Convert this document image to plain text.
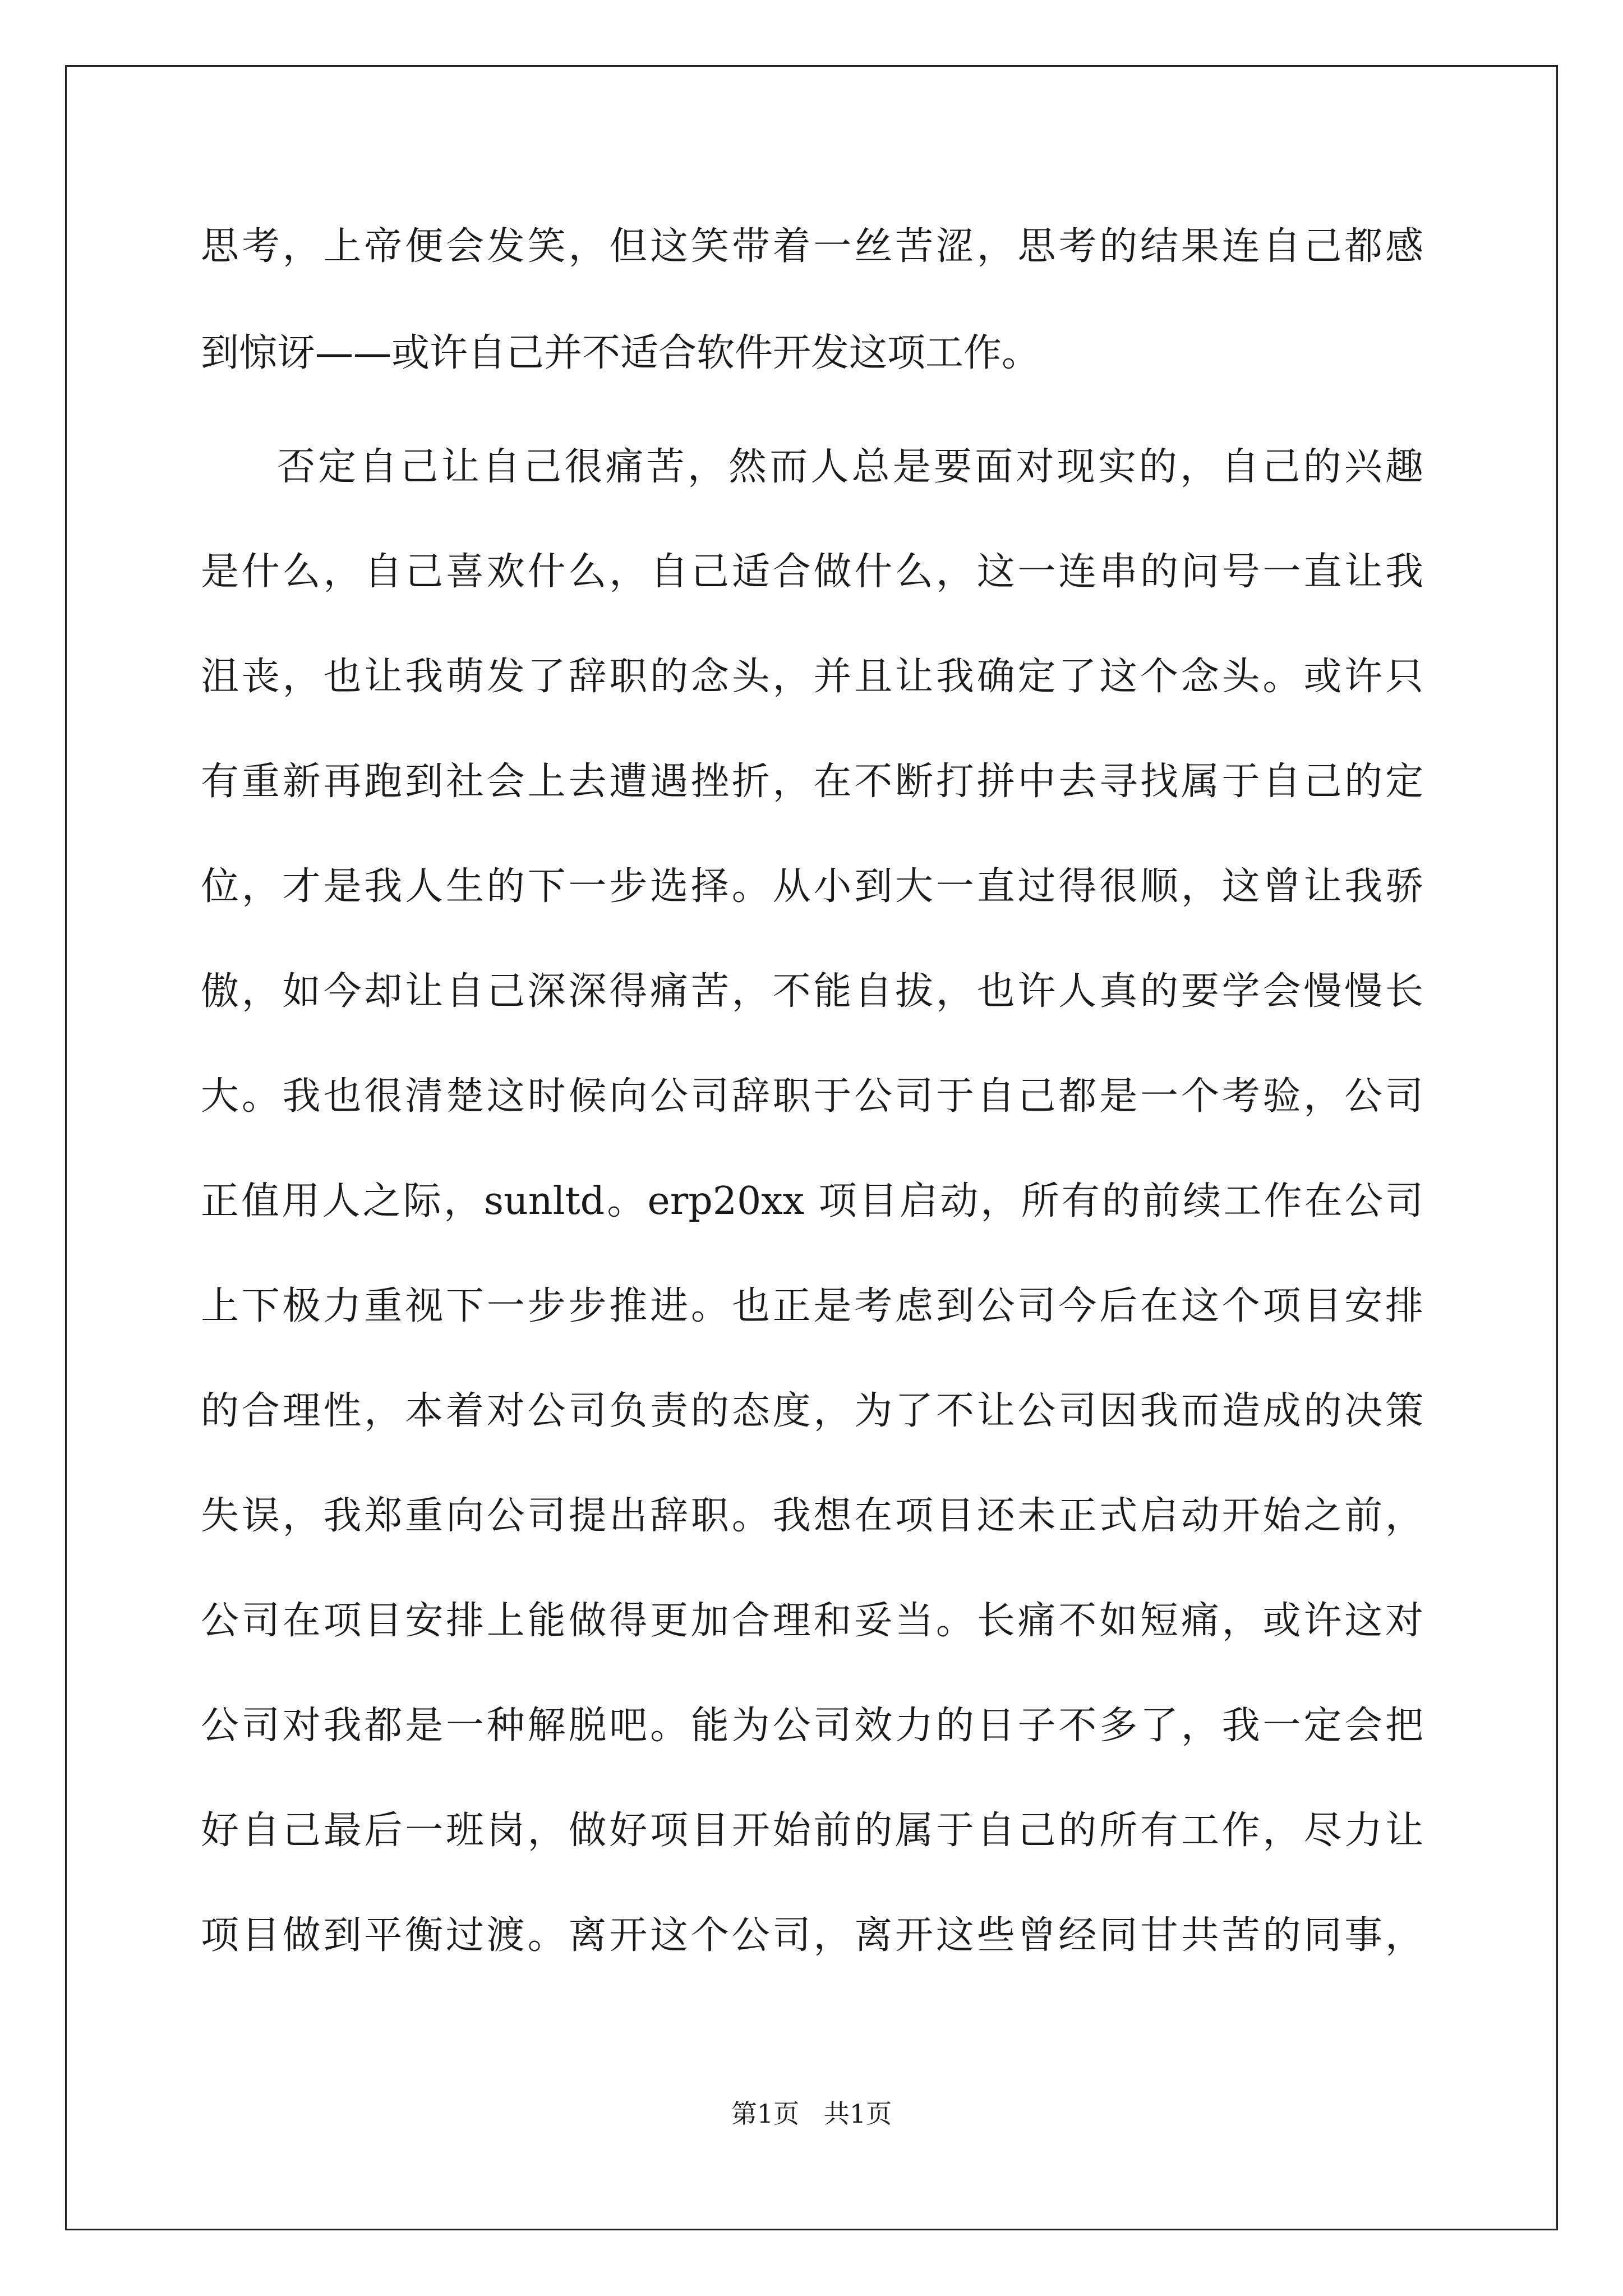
思考，上帝便会发笑，但这笑带着一丝苦涩，思考的结果连自己都感
到惊讶——或许自己并不适合软件开发这项工作。
否定自己让自己很痛苦，然而人总是要面对现实的，自己的兴趣
是什么，自己喜欢什么，自己适合做什么，这一连串的问号一直让我
沮丧，也让我萌发了辞职的念头，并且让我确定了这个念头。或许只
有重新再跑到社会上去遭遇挫折，在不断打拼中去寻找属于自己的定
位，才是我人生的下一步选择。从小到大一直过得很顺，这曾让我骄
傲，如今却让自己深深得痛苦，不能自拔，也许人真的要学会慢慢长
大。我也很清楚这时候向公司辞职于公司于自己都是一个考验，公司
正值用人之际，sunltd。erp20xx 项目启动，所有的前续工作在公司
上下极力重视下一步步推进。也正是考虑到公司今后在这个项目安排
的合理性，本着对公司负责的态度，为了不让公司因我而造成的决策
失误，我郑重向公司提出辞职。我想在项目还未正式启动开始之前，
公司在项目安排上能做得更加合理和妥当。长痛不如短痛，或许这对
公司对我都是一种解脱吧。能为公司效力的日子不多了，我一定会把
好自己最后一班岗，做好项目开始前的属于自己的所有工作，尽力让
项目做到平衡过渡。离开这个公司，离开这些曾经同甘共苦的同事，
第1页   共1页
